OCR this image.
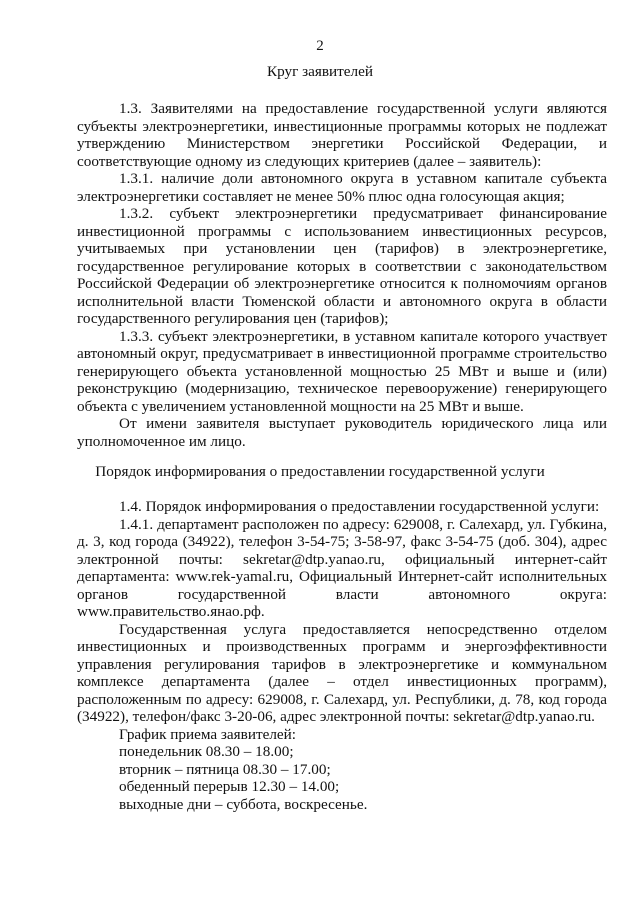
2
Круг заявителей

1.3. Заявителями на предоставление государственной услуги являются субъекты электроэнергетики, инвестиционные программы которых не подлежат утверждению Министерством энергетики Российской Федерации, и соответствующие одному из следующих критериев (далее – заявитель):

1.3.1. наличие доли автономного округа в уставном капитале субъекта электроэнергетики составляет не менее 50% плюс одна голосующая акция;

1.3.2. субъект электроэнергетики предусматривает финансирование инвестиционной программы с использованием инвестиционных ресурсов, учитываемых при установлении цен (тарифов) в электроэнергетике, государственное регулирование которых в соответствии с законодательством Российской Федерации об электроэнергетике относится к полномочиям органов исполнительной власти Тюменской области и автономного округа в области государственного регулирования цен (тарифов);

1.3.3. субъект электроэнергетики, в уставном капитале которого участвует автономный округ, предусматривает в инвестиционной программе строительство генерирующего объекта установленной мощностью 25 МВт и выше и (или) реконструкцию (модернизацию, техническое перевооружение) генерирующего объекта с увеличением установленной мощности на 25 МВт и выше.

От имени заявителя выступает руководитель юридического лица или уполномоченное им лицо.

Порядок информирования о предоставлении государственной услуги

1.4. Порядок информирования о предоставлении государственной услуги:

1.4.1. департамент расположен по адресу: 629008, г. Салехард, ул. Губкина, д. 3, код города (34922), телефон 3-54-75; 3-58-97, факс 3-54-75 (доб. 304), адрес электронной почты: sekretar@dtp.yanao.ru, официальный интернет-сайт департамента: www.rek-yamal.ru, Официальный Интернет-сайт исполнительных органов государственной власти автономного округа: www.правительство.янао.рф.

Государственная услуга предоставляется непосредственно отделом инвестиционных и производственных программ и энергоэффективности управления регулирования тарифов в электроэнергетике и коммунальном комплексе департамента (далее – отдел инвестиционных программ), расположенным по адресу: 629008, г. Салехард, ул. Республики, д. 78, код города (34922), телефон/факс 3-20-06, адрес электронной почты: sekretar@dtp.yanao.ru.

График приема заявителей:

понедельник 08.30 – 18.00;

вторник – пятница 08.30 – 17.00;

обеденный перерыв 12.30 – 14.00;

выходные дни – суббота, воскресенье.
